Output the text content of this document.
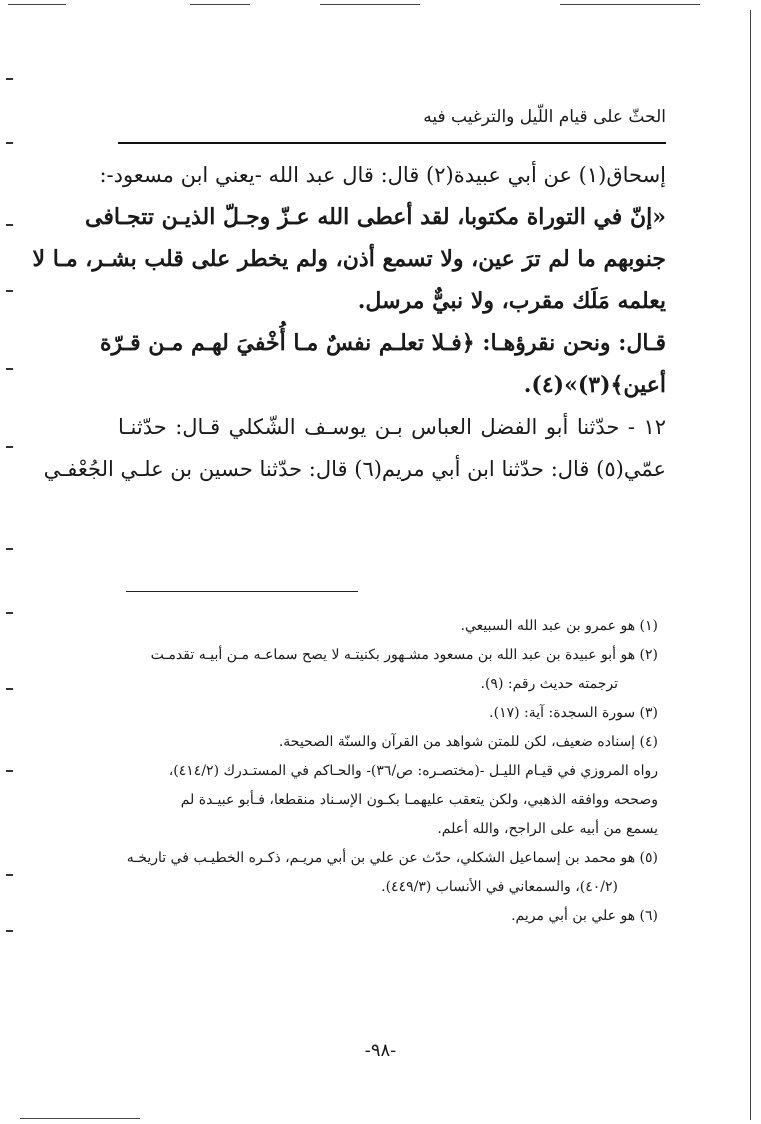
الحثّ على قيام اللّيل والترغيب فيه
إسحاق(١) عن أبي عبيدة(٢) قال: قال عبد الله -يعني ابن مسعود-:
«إنّ في التوراة مكتوبا، لقد أعطى الله عـزّ وجـلّ الذيـن تتجـافى
جنوبهم ما لم ترَ عين، ولا تسمع أذن، ولم يخطر على قلب بشـر، مـا لا
يعلمه مَلَك مقرب، ولا نبيٌّ مرسل.
قـال: ونحن نقرؤهـا: ﴿فـلا تعلـم نفسٌ مـا أُخْفيَ لهـم مـن قـرّة
أعين﴾(٣)»(٤).
١٢ - حدّثنا أبو الفضل العباس بـن يوسـف الشّكلي قـال: حدّثنـا
عمّي(٥) قال: حدّثنا ابن أبي مريم(٦) قال: حدّثنا حسين بن علـي الجُعْفـي
(١) هو عمرو بن عبد الله السبيعي.
(٢) هو أبو عبيدة بن عبد الله بن مسعود مشـهور بكنيتـه لا يصح سماعـه مـن أبيـه تقدمـت
ترجمته حديث رقم: (٩).
(٣) سورة السجدة: آية: (١٧).
(٤) إسناده ضعيف، لكن للمتن شواهد من القرآن والسنّة الصحيحة.
رواه المروزي في قيـام الليـل -(مختصـره: ص/٣٦)- والحـاكم في المستـدرك (٤١٤/٢)،
وصححه ووافقه الذهبي، ولكن يتعقب عليهمـا بكـون الإسـناد منقطعا، فـأبو عبيـدة لم
يسمع من أبيه على الراجح، والله أعلم.
(٥) هو محمد بن إسماعيل الشكلي، حدّث عن علي بن أبي مريـم، ذكـره الخطيـب في تاريخـه
(٤٠/٢)، والسمعاني في الأنساب (٤٤٩/٣).
(٦) هو علي بن أبي مريم.
-٩٨-
